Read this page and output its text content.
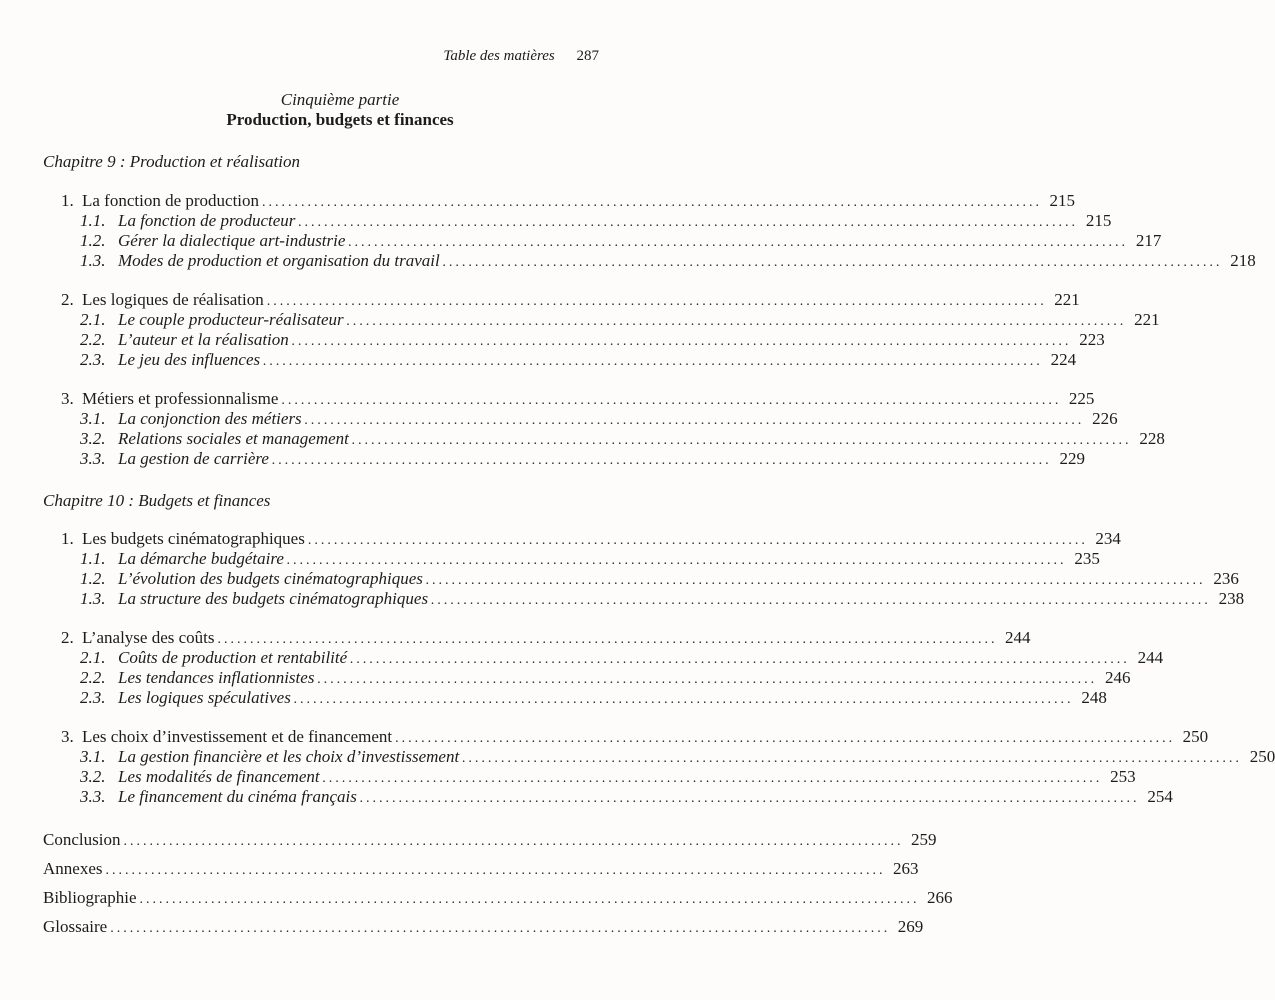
Table des matières 287
Cinquième partie
Production, budgets et finances
Chapitre 9 : Production et réalisation
1. La fonction de production ........................................................................................................................ 215
1.1. La fonction de producteur ........................................................................................................................ 215
1.2. Gérer la dialectique art-industrie ........................................................................................................................ 217
1.3. Modes de production et organisation du travail ........................................................................................................................ 218
2. Les logiques de réalisation ........................................................................................................................ 221
2.1. Le couple producteur-réalisateur ........................................................................................................................ 221
2.2. L’auteur et la réalisation ........................................................................................................................ 223
2.3. Le jeu des influences ........................................................................................................................ 224
3. Métiers et professionnalisme ........................................................................................................................ 225
3.1. La conjonction des métiers ........................................................................................................................ 226
3.2. Relations sociales et management ........................................................................................................................ 228
3.3. La gestion de carrière ........................................................................................................................ 229
Chapitre 10 : Budgets et finances
1. Les budgets cinématographiques ........................................................................................................................ 234
1.1. La démarche budgétaire ........................................................................................................................ 235
1.2. L’évolution des budgets cinématographiques ........................................................................................................................ 236
1.3. La structure des budgets cinématographiques ........................................................................................................................ 238
2. L’analyse des coûts ........................................................................................................................ 244
2.1. Coûts de production et rentabilité ........................................................................................................................ 244
2.2. Les tendances inflationnistes ........................................................................................................................ 246
2.3. Les logiques spéculatives ........................................................................................................................ 248
3. Les choix d’investissement et de financement ........................................................................................................................ 250
3.1. La gestion financière et les choix d’investissement ........................................................................................................................ 250
3.2. Les modalités de financement ........................................................................................................................ 253
3.3. Le financement du cinéma français ........................................................................................................................ 254
Conclusion ........................................................................................................................ 259
Annexes ........................................................................................................................ 263
Bibliographie ........................................................................................................................ 266
Glossaire ........................................................................................................................ 269
